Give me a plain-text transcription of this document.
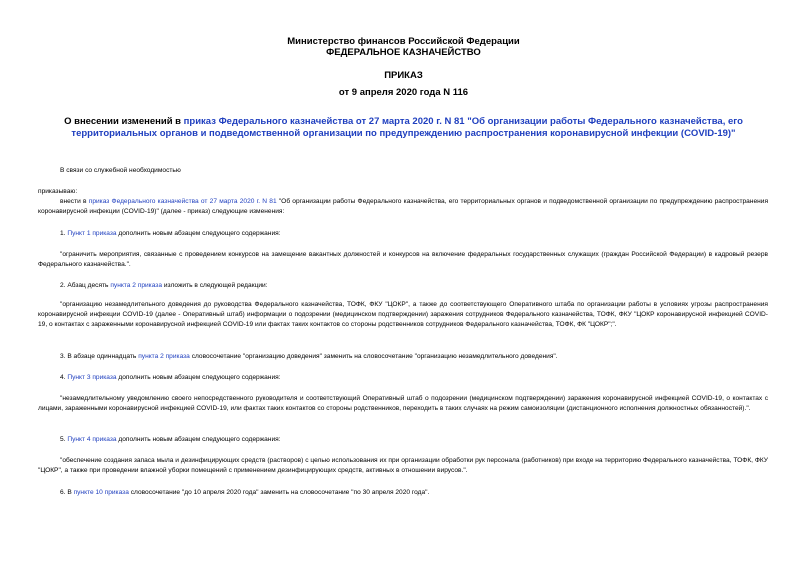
Министерство финансов Российской Федерации
ФЕДЕРАЛЬНОЕ КАЗНАЧЕЙСТВО
ПРИКАЗ
от 9 апреля 2020 года N 116
О внесении изменений в приказ Федерального казначейства от 27 марта 2020 г. N 81 "Об организации работы Федерального казначейства, его территориальных органов и подведомственной организации по предупреждению распространения коронавирусной инфекции (COVID-19)"
В связи со служебной необходимостью
приказываю:
внести в приказ Федерального казначейства от 27 марта 2020 г. N 81 "Об организации работы Федерального казначейства, его территориальных органов и подведомственной организации по предупреждению распространения коронавирусной инфекции (COVID-19)" (далее - приказ) следующие изменения:
1. Пункт 1 приказа дополнить новым абзацем следующего содержания:
"ограничить мероприятия, связанные с проведением конкурсов на замещение вакантных должностей и конкурсов на включение федеральных государственных служащих (граждан Российской Федерации) в кадровый резерв Федерального казначейства.".
2. Абзац десять пункта 2 приказа изложить в следующей редакции:
"организацию незамедлительного доведения до руководства Федерального казначейства, ТОФК, ФКУ "ЦОКР", а также до соответствующего Оперативного штаба по организации работы в условиях угрозы распространения коронавирусной инфекции COVID-19 (далее - Оперативный штаб) информации о подозрении (медицинском подтверждении) заражения сотрудников Федерального казначейства, ТОФК, ФКУ "ЦОКР коронавирусной инфекцией COVID-19, о контактах с зараженными коронавирусной инфекцией COVID-19 или фактах таких контактов со стороны родственников сотрудников Федерального казначейства, ТОФК, ФК "ЦОКР";".
3. В абзаце одиннадцать пункта 2 приказа словосочетание "организацию доведения" заменить на словосочетание "организацию незамедлительного доведения".
4. Пункт 3 приказа дополнить новым абзацем следующего содержания:
"незамедлительному уведомлению своего непосредственного руководителя и соответствующий Оперативный штаб о подозрении (медицинском подтверждении) заражения коронавирусной инфекцией COVID-19, о контактах с лицами, зараженными коронавирусной инфекцией COVID-19, или фактах таких контактов со стороны родственников, переходить в таких случаях на режим самоизоляции (дистанционного исполнения должностных обязанностей).".
5. Пункт 4 приказа дополнить новым абзацем следующего содержания:
"обеспечение создания запаса мыла и дезинфицирующих средств (растворов) с целью использования их при организации обработки рук персонала (работников) при входе на территорию Федерального казначейства, ТОФК, ФКУ "ЦОКР", а также при проведении влажной уборки помещений с применением дезинфицирующих средств, активных в отношении вирусов.".
6. В пункте 10 приказа словосочетание "до 10 апреля 2020 года" заменить на словосочетание "по 30 апреля 2020 года".
